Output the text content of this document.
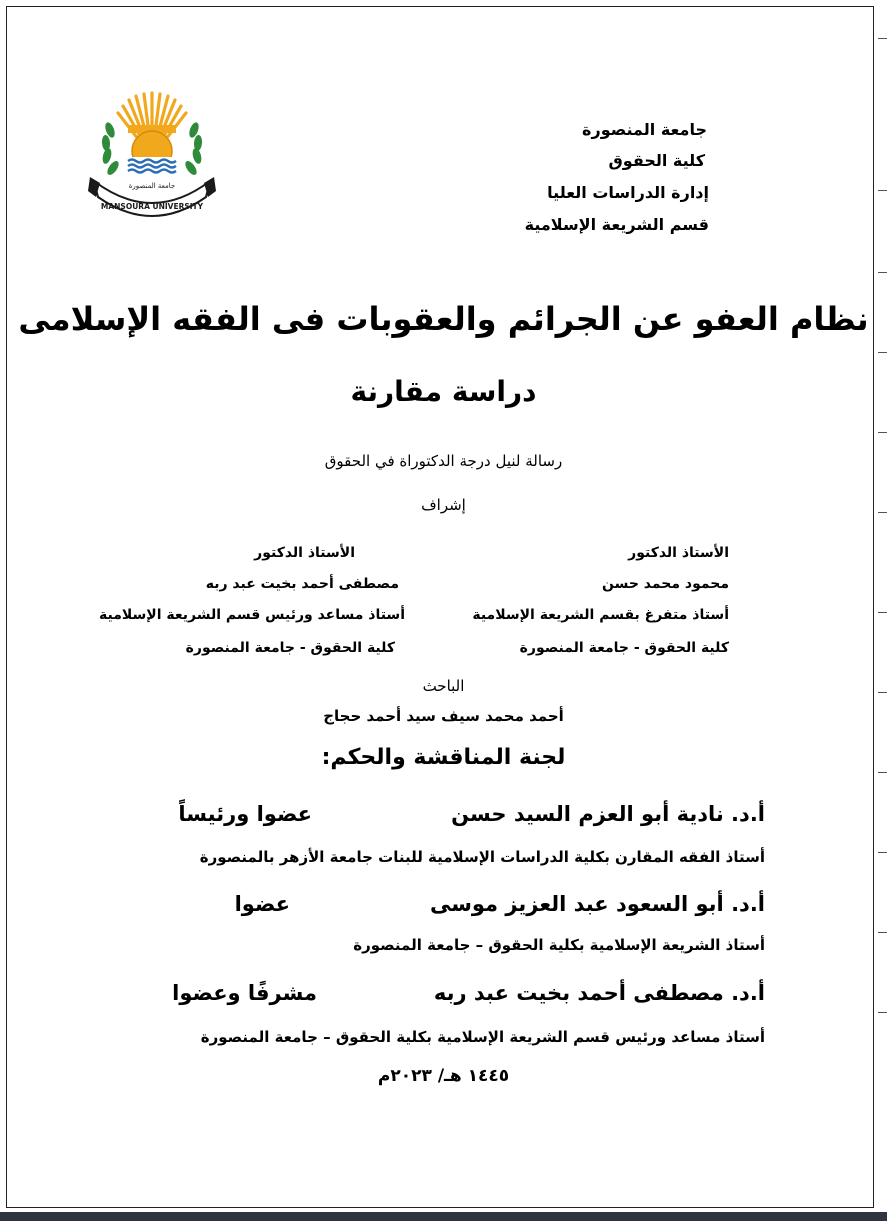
جامعة المنصورة
MANSOURA UNIVERSITY
جامعة المنصورة
كلية الحقوق
إدارة الدراسات العليا
قسم الشريعة الإسلامية
نظام العفو عن الجرائم والعقوبات فى الفقه الإسلامى
دراسة مقارنة
رسالة لنيل درجة الدكتوراة في الحقوق
إشراف
الأستاذ الدكتور
محمود محمد حسن
أستاذ متفرغ بقسم الشريعة الإسلامية
كلية الحقوق - جامعة المنصورة
الأستاذ الدكتور
مصطفى أحمد بخيت عبد ربه
أستاذ مساعد ورئيس قسم الشريعة الإسلامية
كلية الحقوق - جامعة المنصورة
الباحث
أحمد محمد سيف سيد أحمد حجاج
لجنة المناقشة والحكم:
أ.د. نادية أبو العزم السيد حسن
عضوا ورئيساً
أستاذ الفقه المقارن بكلية الدراسات الإسلامية للبنات جامعة الأزهر بالمنصورة
أ.د. أبو السعود عبد العزيز موسى
عضوا
أستاذ الشريعة الإسلامية بكلية الحقوق – جامعة المنصورة
أ.د. مصطفى أحمد بخيت عبد ربه
مشرفًا وعضوا
أستاذ مساعد ورئيس قسم الشريعة الإسلامية بكلية الحقوق – جامعة المنصورة
١٤٤٥ هـ/ ٢٠٢٣م
